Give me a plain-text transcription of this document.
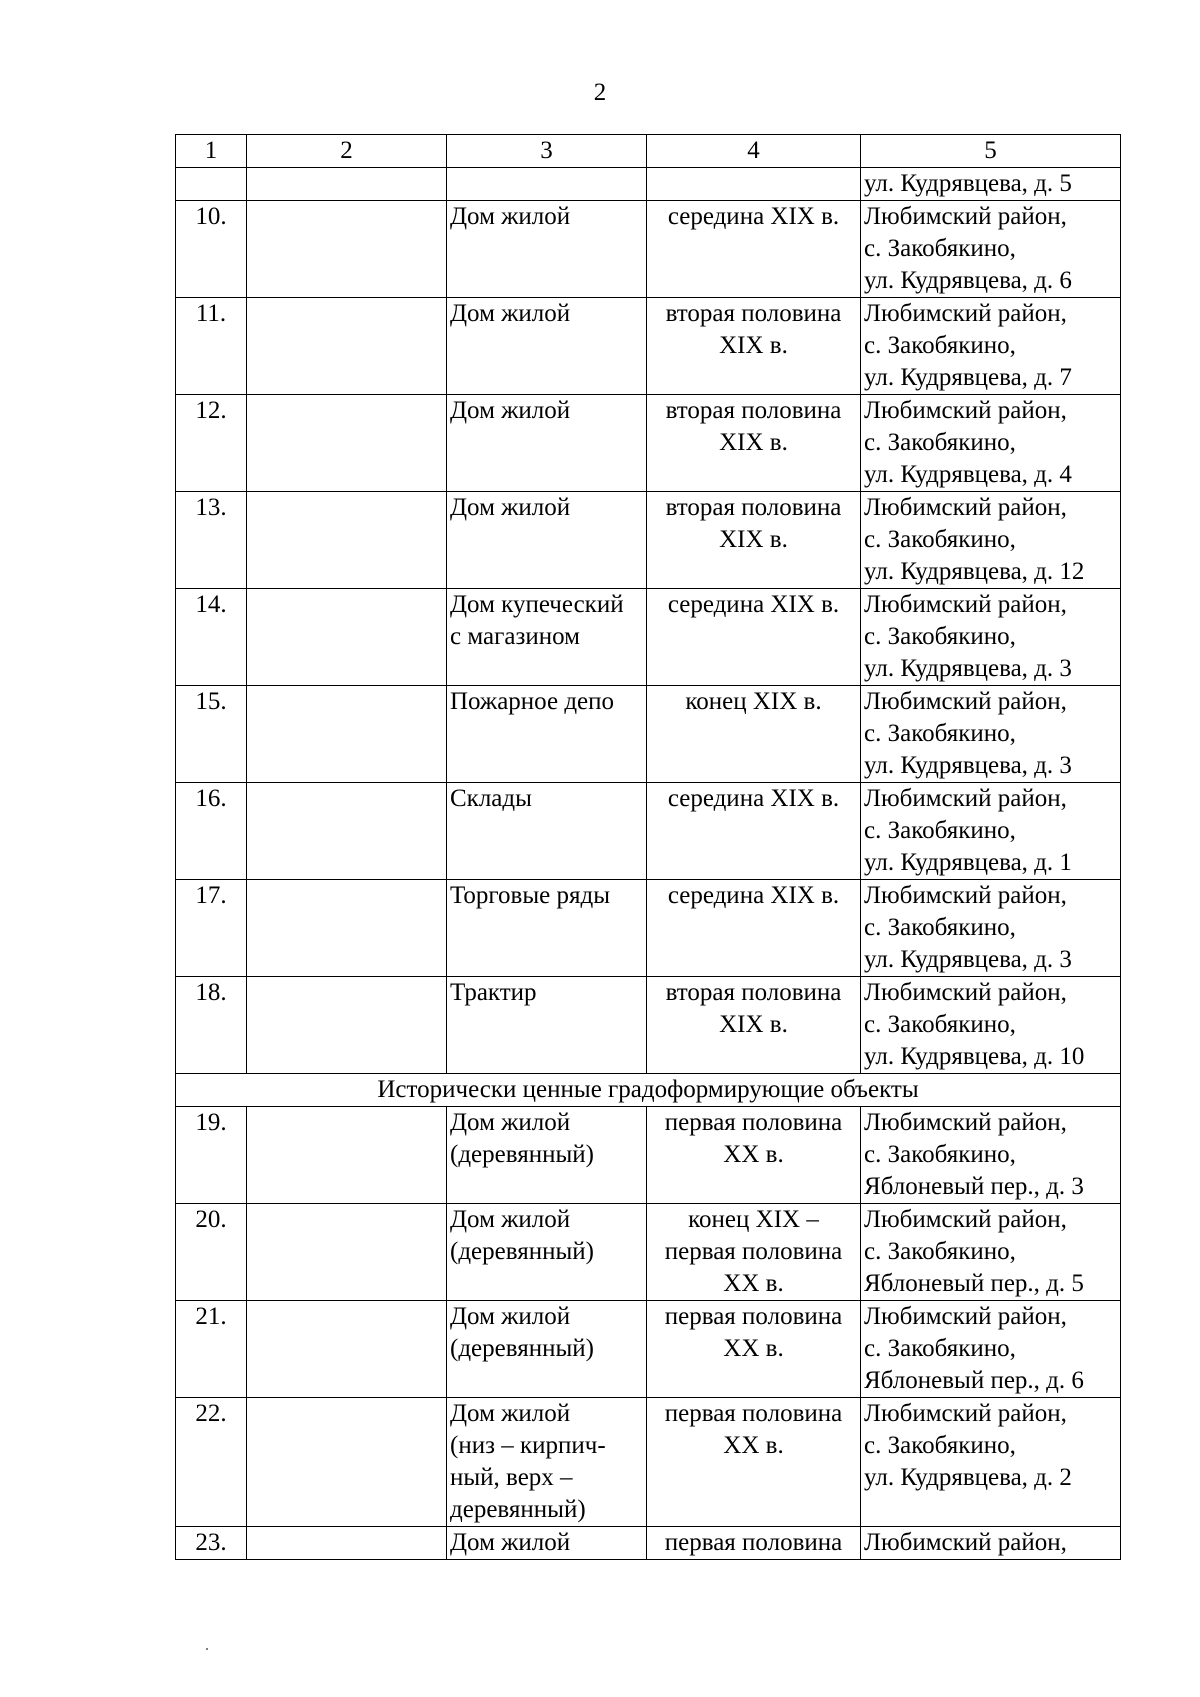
2
1	2	3	4	5

				ул. Кудрявцева, д. 5

10.		Дом жилой	середина XIX в.	Любимский район,
с. Закобякино,
ул. Кудрявцева, д. 6

11.		Дом жилой	вторая половина
XIX в.	Любимский район,
с. Закобякино,
ул. Кудрявцева, д. 7

12.		Дом жилой	вторая половина
XIX в.	Любимский район,
с. Закобякино,
ул. Кудрявцева, д. 4

13.		Дом жилой	вторая половина
XIX в.	Любимский район,
с. Закобякино,
ул. Кудрявцева, д. 12

14.		Дом купеческий
с магазином	середина XIX в.	Любимский район,
с. Закобякино,
ул. Кудрявцева, д. 3

15.		Пожарное депо	конец XIX в.	Любимский район,
с. Закобякино,
ул. Кудрявцева, д. 3

16.		Склады	середина XIX в.	Любимский район,
с. Закобякино,
ул. Кудрявцева, д. 1

17.		Торговые ряды	середина XIX в.	Любимский район,
с. Закобякино,
ул. Кудрявцева, д. 3

18.		Трактир	вторая половина
XIX в.	Любимский район,
с. Закобякино,
ул. Кудрявцева, д. 10

Исторически ценные градоформирующие объекты				
19.		Дом жилой
(деревянный)	первая половина
XX в.	Любимский район,
с. Закобякино,
Яблоневый пер., д. 3

20.		Дом жилой
(деревянный)	конец XIX –
первая половина
XX в.	Любимский район,
с. Закобякино,
Яблоневый пер., д. 5

21.		Дом жилой
(деревянный)	первая половина
XX в.	Любимский район,
с. Закобякино,
Яблоневый пер., д. 6

22.		Дом жилой
(низ – кирпич-
ный, верх –
деревянный)	первая половина
XX в.	Любимский район,
с. Закобякино,
ул. Кудрявцева, д. 2

23.		Дом жилой	первая половина	Любимский район,
